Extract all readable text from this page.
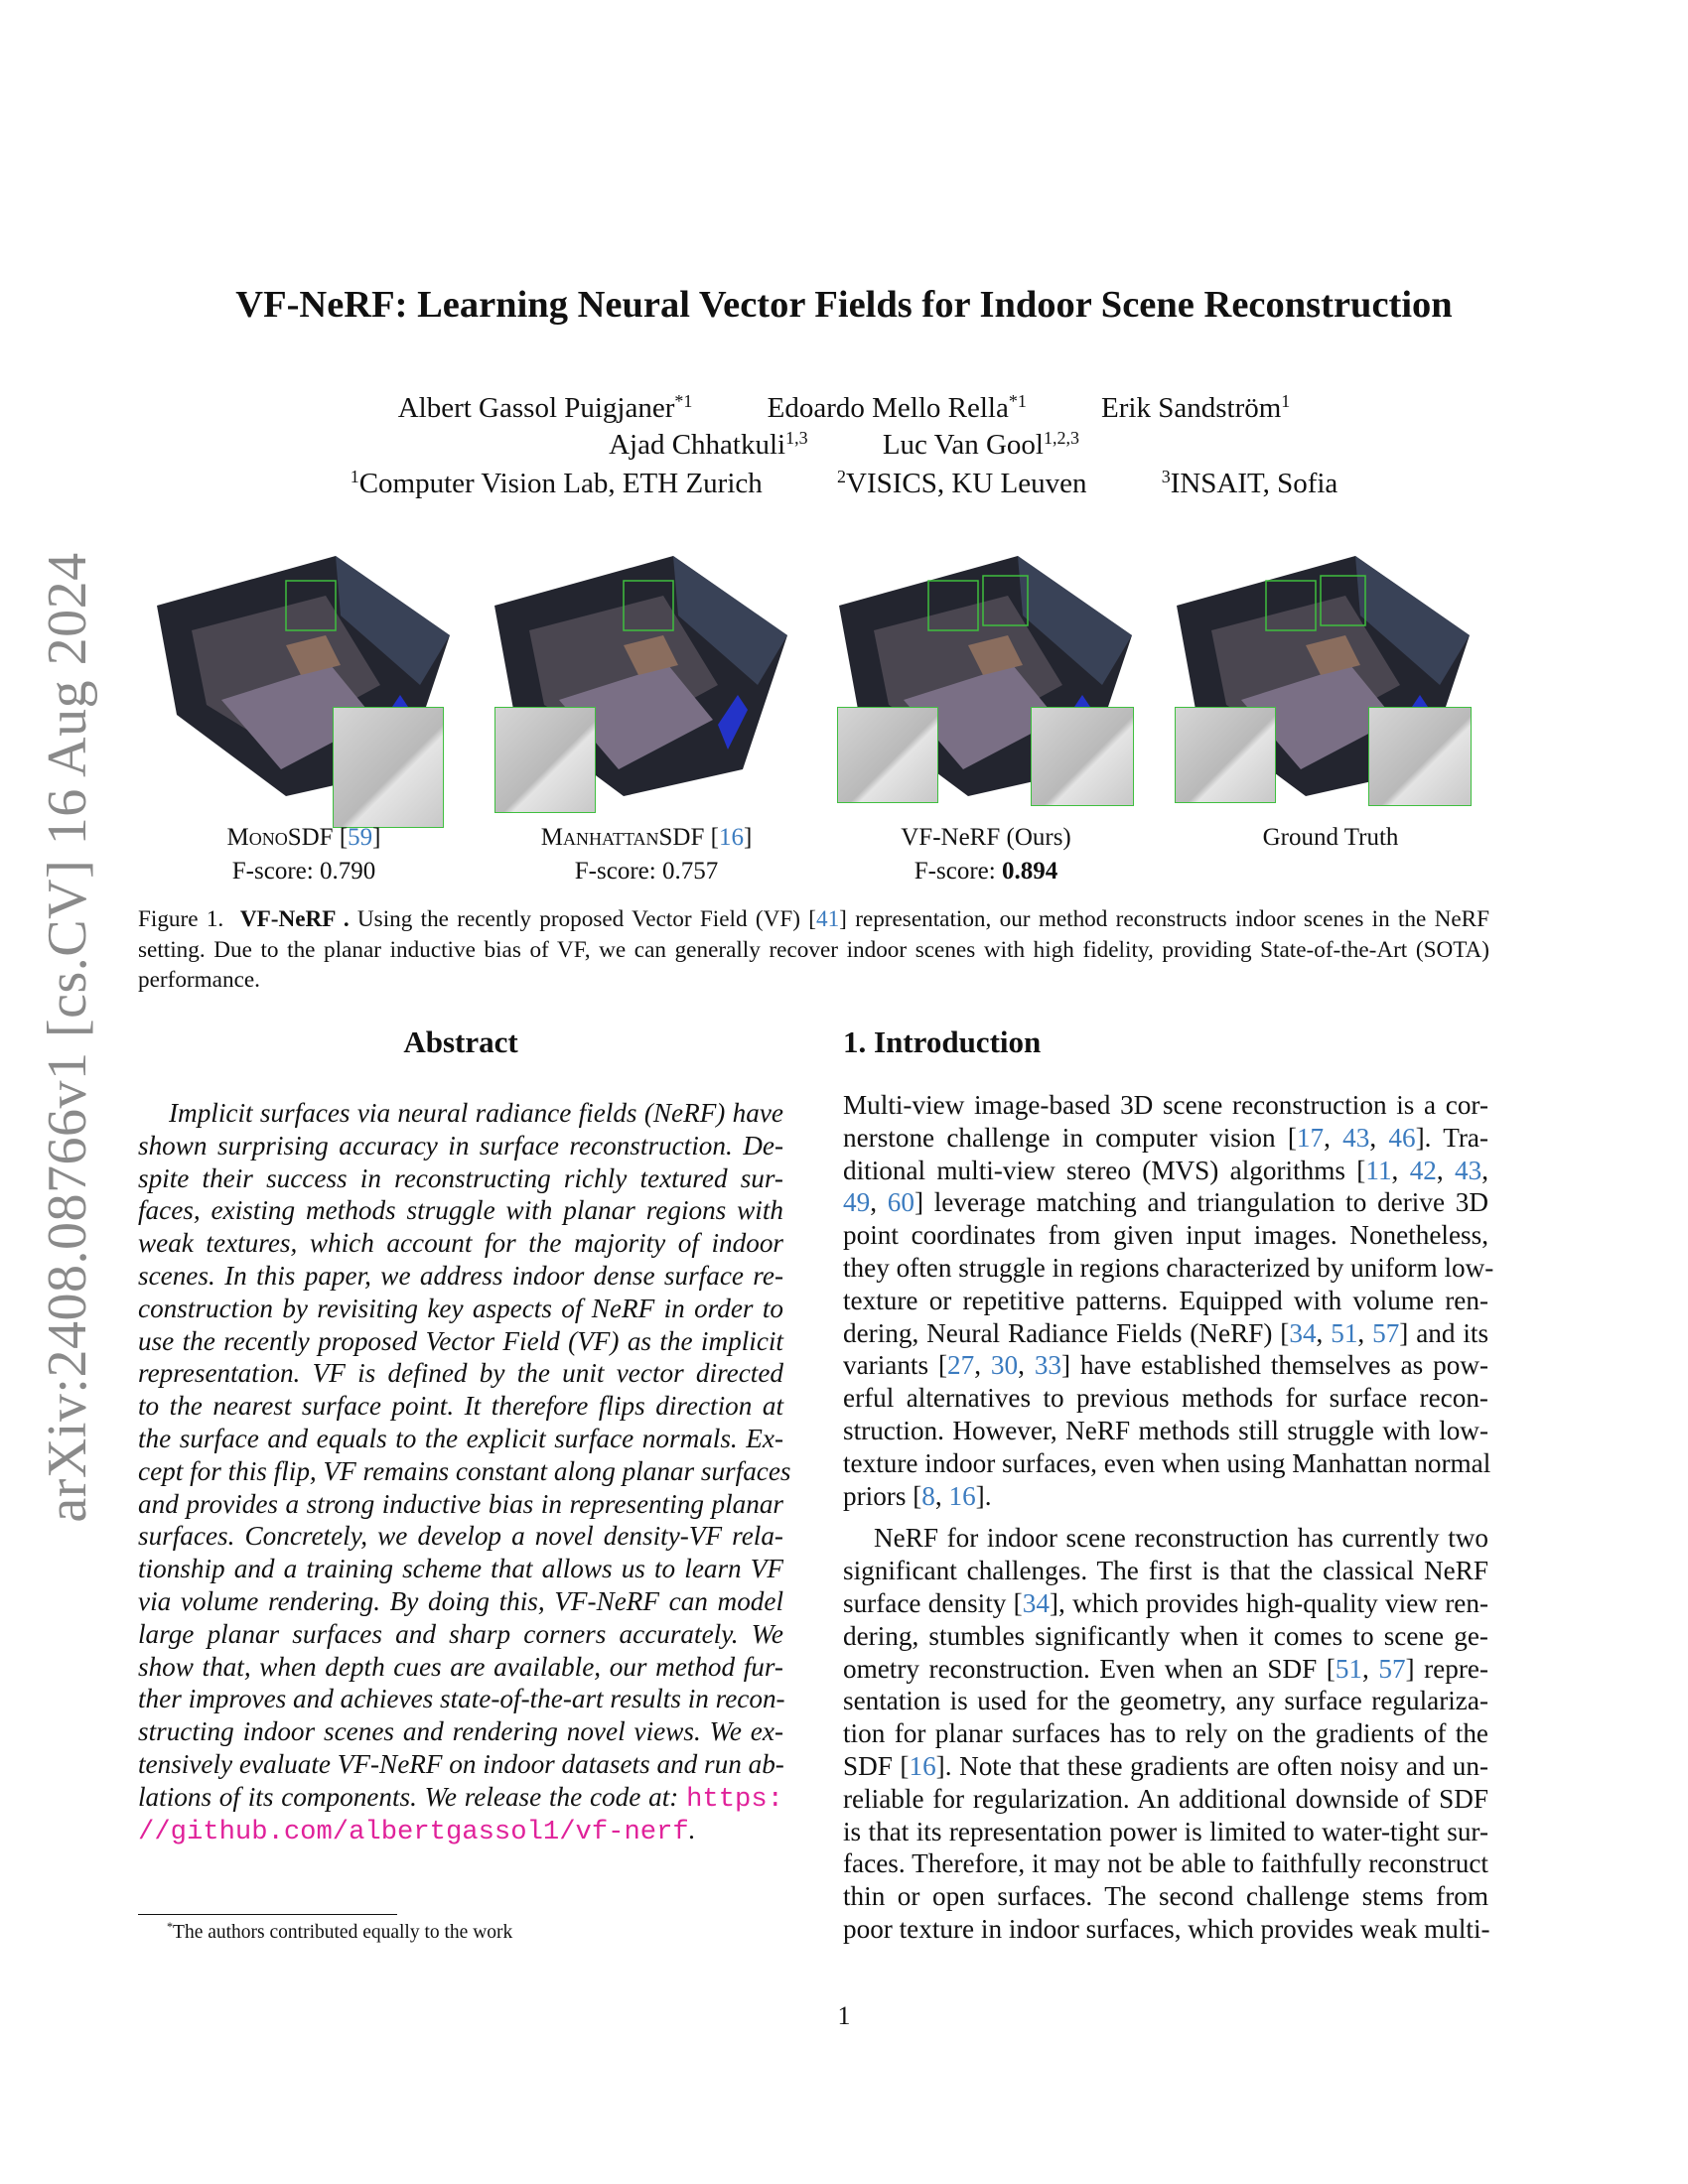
arXiv:2408.08766v1 [cs.CV] 16 Aug 2024
VF-NeRF: Learning Neural Vector Fields for Indoor Scene Reconstruction
Albert Gassol Puigjaner$^{*1}$	Edoardo Mello Rella$^{*1}$	Erik Sandström$^1$
Ajad Chhatkuli$^{1,3}$	Luc Van Gool$^{1,2,3}$
$^1$Computer Vision Lab, ETH Zurich	$^2$VISICS, KU Leuven	$^3$INSAIT, Sofia
MonoSDF [59]
F-score: 0.790
ManhattanSDF [16]
F-score: 0.757
VF-NeRF (Ours)
F-score: 0.894
Ground Truth
Figure 1. VF-NeRF . Using the recently proposed Vector Field (VF) [41] representation, our method reconstructs indoor scenes in the NeRF setting. Due to the planar inductive bias of VF, we can generally recover indoor scenes with high fidelity, providing State-of-the-Art (SOTA) performance.
Abstract
Implicit surfaces via neural radiance fields (NeRF) have
shown surprising accuracy in surface reconstruction. De-
spite their success in reconstructing richly textured sur-
faces, existing methods struggle with planar regions with
weak textures, which account for the majority of indoor
scenes. In this paper, we address indoor dense surface re-
construction by revisiting key aspects of NeRF in order to
use the recently proposed Vector Field (VF) as the implicit
representation. VF is defined by the unit vector directed
to the nearest surface point. It therefore flips direction at
the surface and equals to the explicit surface normals. Ex-
cept for this flip, VF remains constant along planar surfaces
and provides a strong inductive bias in representing planar
surfaces. Concretely, we develop a novel density-VF rela-
tionship and a training scheme that allows us to learn VF
via volume rendering. By doing this, VF-NeRF can model
large planar surfaces and sharp corners accurately. We
show that, when depth cues are available, our method fur-
ther improves and achieves state-of-the-art results in recon-
structing indoor scenes and rendering novel views. We ex-
tensively evaluate VF-NeRF on indoor datasets and run ab-
lations of its components. We release the code at: https:
//github.com/albertgassol1/vf-nerf.
1. Introduction
Multi-view image-based 3D scene reconstruction is a cor-
nerstone challenge in computer vision [17, 43, 46]. Tra-
ditional multi-view stereo (MVS) algorithms [11, 42, 43,
49, 60] leverage matching and triangulation to derive 3D
point coordinates from given input images. Nonetheless,
they often struggle in regions characterized by uniform low-
texture or repetitive patterns. Equipped with volume ren-
dering, Neural Radiance Fields (NeRF) [34, 51, 57] and its
variants [27, 30, 33] have established themselves as pow-
erful alternatives to previous methods for surface recon-
struction. However, NeRF methods still struggle with low-
texture indoor surfaces, even when using Manhattan normal
priors [8, 16].
NeRF for indoor scene reconstruction has currently two
significant challenges. The first is that the classical NeRF
surface density [34], which provides high-quality view ren-
dering, stumbles significantly when it comes to scene ge-
ometry reconstruction. Even when an SDF [51, 57] repre-
sentation is used for the geometry, any surface regulariza-
tion for planar surfaces has to rely on the gradients of the
SDF [16]. Note that these gradients are often noisy and un-
reliable for regularization. An additional downside of SDF
is that its representation power is limited to water-tight sur-
faces. Therefore, it may not be able to faithfully reconstruct
thin or open surfaces. The second challenge stems from
poor texture in indoor surfaces, which provides weak multi-
*The authors contributed equally to the work
1
